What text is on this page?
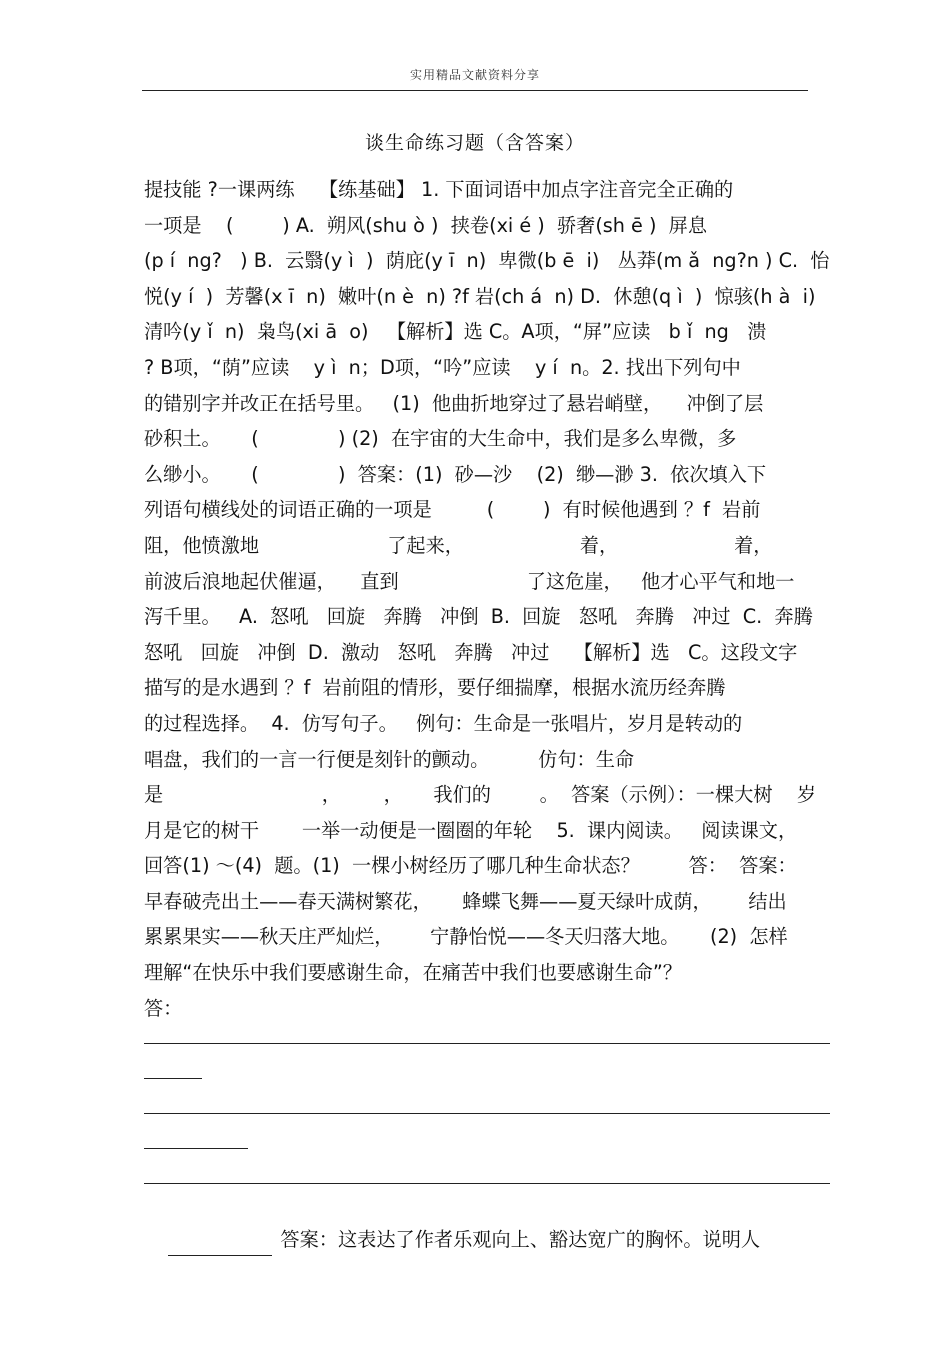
实用精品文献资料分享
谈生命练习题（含答案）
提技能 ?一课两练    【练基础】 1. 下面词语中加点字注音完全正确的
一项是    (        ) A.  朔风(shu ò )  挟卷(xi é )  骄奢(sh ē )  屏息
(p í  ng?   ) B.  云翳(y ì  )  荫庇(y ī  n)  卑微(b ē  i)   丛莽(m ǎ  ng?n ) C.  怡
悦(y í  )  芳馨(x ī  n)  嫩叶(n è  n) ?f 岩(ch á  n) D.  休憩(q ì  )  惊骇(h à  i)
清吟(y ǐ  n)  枭鸟(xi ā  o)   【解析】选 C。A项，“屏”应读   b ǐ  ng   溃
? B项，“荫”应读    y ì  n；D项，“吟”应读    y í  n。2. 找出下列句中
的错别字并改正在括号里。   (1)  他曲折地穿过了悬岩峭壁，    冲倒了层
砂积土。     (             ) (2)  在宇宙的大生命中，我们是多么卑微，多
么缈小。     (             )  答案：(1)  砂—沙    (2)  缈—渺 3.  依次填入下
列语句横线处的词语正确的一项是         (        )  有时候他遇到 ？f  岩前
阻，他愤激地                     了起来，                   着，                   着，
前波后浪地起伏催逼，    直到                     了这危崖，   他才心平气和地一
泻千里。   A.  怒吼   回旋   奔腾   冲倒  B.  回旋   怒吼   奔腾   冲过  C.  奔腾
怒吼   回旋   冲倒  D.  激动   怒吼   奔腾   冲过    【解析】选   C。这段文字
描写的是水遇到 ？f  岩前阻的情形，要仔细揣摩，根据水流历经奔腾
的过程选择。  4.  仿写句子。   例句：生命是一张唱片，岁月是转动的
唱盘，我们的一言一行便是刻针的颤动。        仿句：生命
是                          ，       ，     我们的        。  答案（示例）：一棵大树    岁
月是它的树干       一举一动便是一圈圈的年轮    5.  课内阅读。   阅读课文，
回答(1) ～(4)  题。(1)  一棵小树经历了哪几种生命状态？        答：  答案：
早春破壳出土——春天满树繁花，     蜂蝶飞舞——夏天绿叶成荫，      结出
累累果实——秋天庄严灿烂，      宁静怡悦——冬天归落大地。     (2)  怎样
理解“在快乐中我们要感谢生命，在痛苦中我们也要感谢生命”？
答：

答案：这表达了作者乐观向上、豁达宽广的胸怀。说明人
